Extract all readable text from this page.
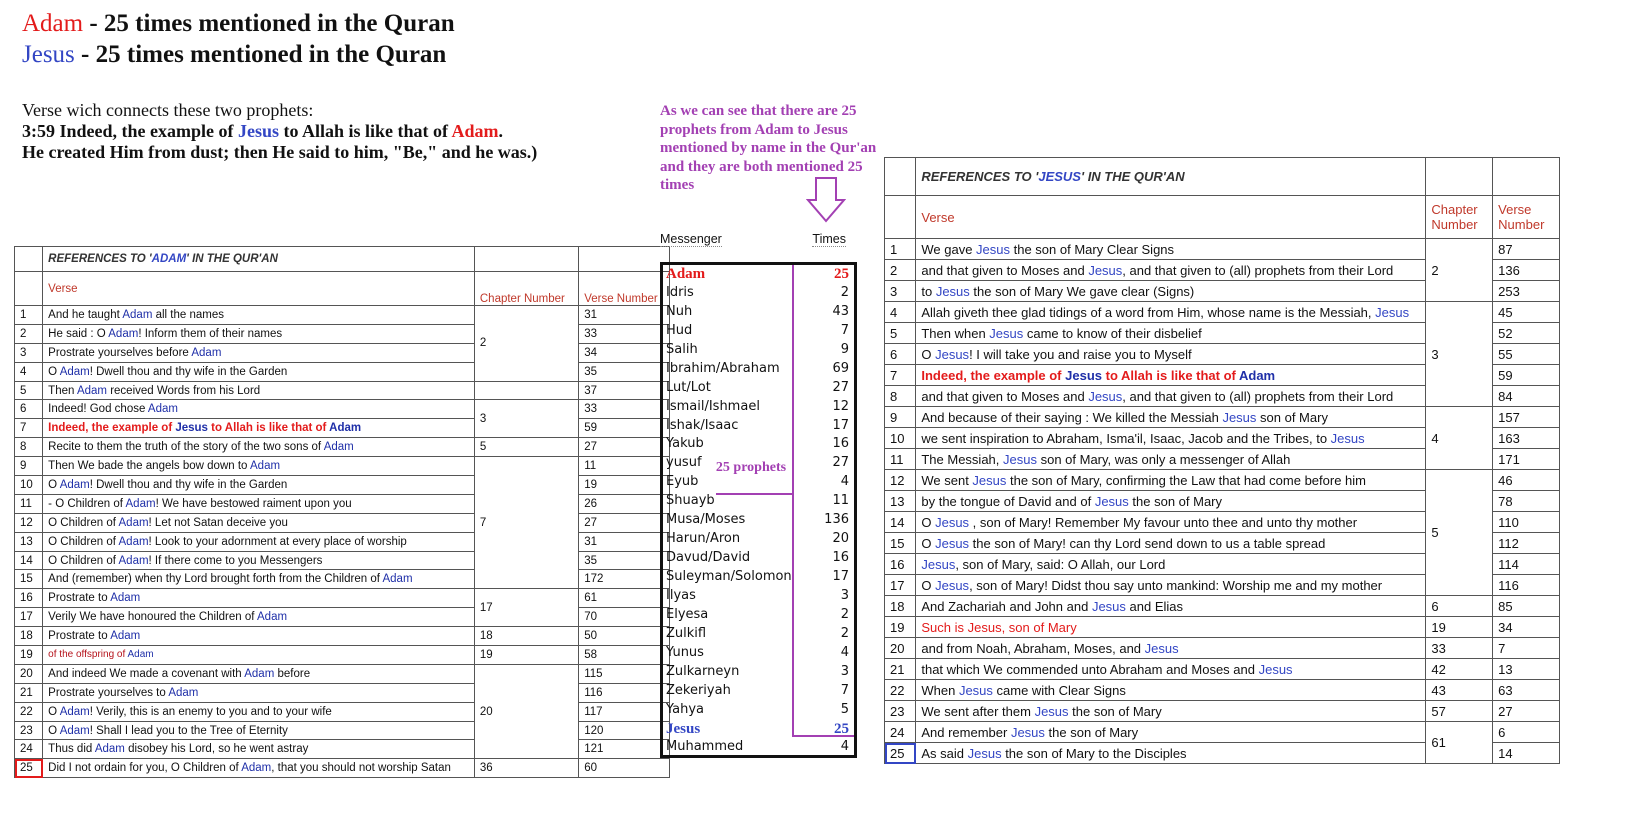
Adam - 25 times mentioned in the Quran
Jesus - 25 times mentioned in the Quran
Verse wich connects these two prophets:
3:59 Indeed, the example of Jesus to Allah is like that of Adam.
He created Him from dust; then He said to him, "Be," and he was.)
	REFERENCES TO 'ADAM' IN THE QUR'AN		
	Verse	Chapter Number	Verse Number
1	And he taught Adam all the names	2	31
2	He said : O Adam! Inform them of their names		33
3	Prostrate yourselves before Adam		34
4	O Adam! Dwell thou and thy wife in the Garden		35
5	Then Adam received Words from his Lord		37
6	Indeed! God chose Adam	3	33
7	Indeed, the example of Jesus to Allah is like that of Adam		59
8	Recite to them the truth of the story of the two sons of Adam	5	27
9	Then We bade the angels bow down to Adam	7	11
10	O Adam! Dwell thou and thy wife in the Garden		19
11	- O Children of Adam! We have bestowed raiment upon you		26
12	O Children of Adam! Let not Satan deceive you		27
13	O Children of Adam! Look to your adornment at every place of worship		31
14	O Children of Adam! If there come to you Messengers		35
15	And (remember) when thy Lord brought forth from the Children of Adam		172
16	Prostrate to Adam	17	61
17	Verily We have honoured the Children of Adam		70
18	Prostrate to Adam	18	50
19	of the offspring of Adam	19	58
20	And indeed We made a covenant with Adam before	20	115
21	Prostrate yourselves to Adam		116
22	O Adam! Verily, this is an enemy to you and to your wife		117
23	O Adam! Shall I lead you to the Tree of Eternity		120
24	Thus did Adam disobey his Lord, so he went astray		121
25	Did I not ordain for you, O Children of Adam, that you should not worship Satan	36	60
As we can see that there are 25 prophets from Adam to Jesus mentioned by name in the Qur'an and they are both mentioned 25 times
Messenger	Times
Adam	25
Idris	2
Nuh	43
Hud	7
Salih	9
Ibrahim/Abraham	69
Lut/Lot	27
Ismail/Ishmael	12
Ishak/Isaac	17
Yakub	16
yusuf	27
Eyub	4
Shuayb	11
Musa/Moses	136
Harun/Aron	20
Davud/David	16
Suleyman/Solomon	17
Ilyas	3
Elyesa	2
Zulkifl	2
Yunus	4
Zulkarneyn	3
Zekeriyah	7
Yahya	5
Jesus	25
Muhammed	4
25 prophets
	REFERENCES TO 'JESUS' IN THE QUR'AN		
	Verse	Chapter Number	Verse Number
1	We gave Jesus the son of Mary Clear Signs	2	87
2	and that given to Moses and Jesus, and that given to (all) prophets from their Lord		136
3	to Jesus the son of Mary We gave clear (Signs)		253
4	Allah giveth thee glad tidings of a word from Him, whose name is the Messiah, Jesus	3	45
5	Then when Jesus came to know of their disbelief		52
6	O Jesus! I will take you and raise you to Myself		55
7	Indeed, the example of Jesus to Allah is like that of Adam		59
8	and that given to Moses and Jesus, and that given to (all) prophets from their Lord		84
9	And because of their saying : We killed the Messiah Jesus son of Mary	4	157
10	we sent inspiration to Abraham, Isma'il, Isaac, Jacob and the Tribes, to Jesus		163
11	The Messiah, Jesus son of Mary, was only a messenger of Allah		171
12	We sent Jesus the son of Mary, confirming the Law that had come before him	5	46
13	by the tongue of David and of Jesus the son of Mary		78
14	O Jesus , son of Mary! Remember My favour unto thee and unto thy mother		110
15	O Jesus the son of Mary! can thy Lord send down to us a table spread		112
16	Jesus, son of Mary, said: O Allah, our Lord		114
17	O Jesus, son of Mary! Didst thou say unto mankind: Worship me and my mother		116
18	And Zachariah and John and Jesus and Elias	6	85
19	Such is Jesus, son of Mary	19	34
20	and from Noah, Abraham, Moses, and Jesus	33	7
21	that which We commended unto Abraham and Moses and Jesus	42	13
22	When Jesus came with Clear Signs	43	63
23	We sent after them Jesus the son of Mary	57	27
24	And remember Jesus the son of Mary	61	6
25	As said Jesus the son of Mary to the Disciples		14
